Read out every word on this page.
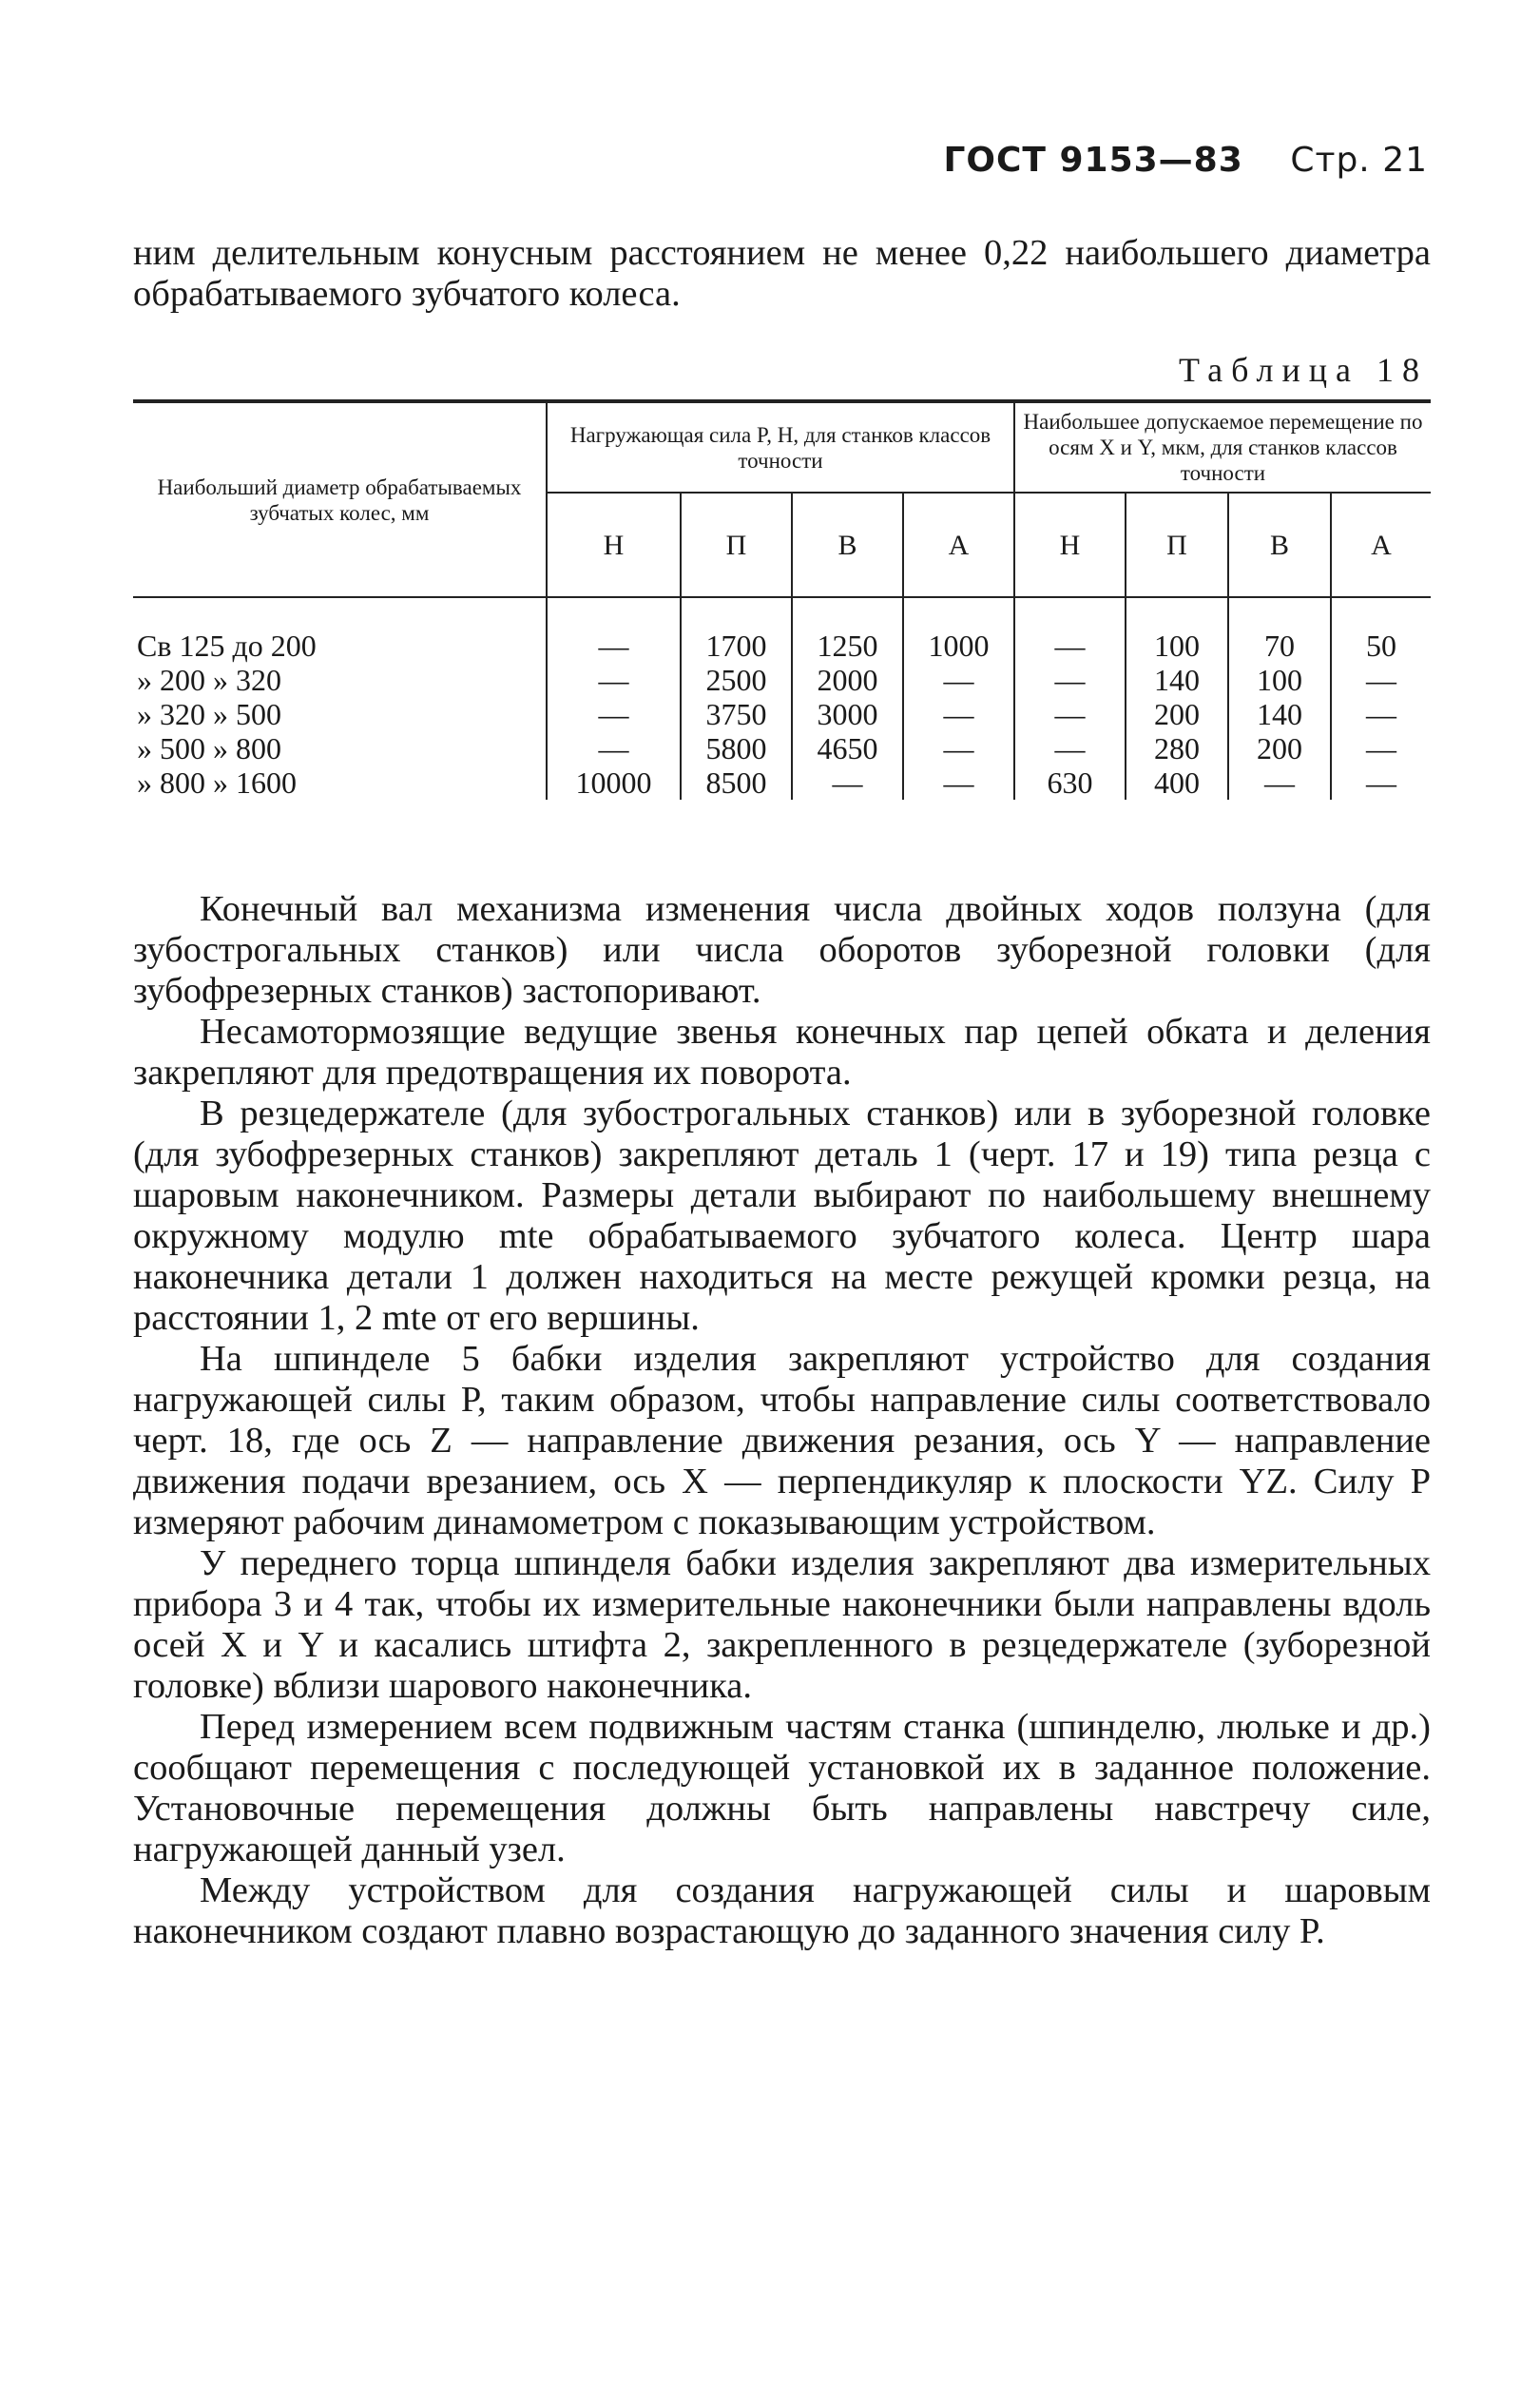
ГОСТ 9153—83 Стр. 21

ним делительным конусным расстоянием не менее 0,22 наибольшего диаметра обрабатываемого зубчатого колеса.

Таблица 18
Наибольший диаметр обрабатываемых зубчатых колес, мм	Нагружающая сила P, Н, для станков классов точности				Наибольшее допускаемое перемещение по осям X и Y, мкм, для станков классов точности			
	Н	П	В	А	Н	П	В	А
Св 125 до 200	—	1700	1250	1000	—	100	70	50
» 200 » 320	—	2500	2000	—	—	140	100	—
» 320 » 500	—	3750	3000	—	—	200	140	—
» 500 » 800	—	5800	4650	—	—	280	200	—
» 800 » 1600	10000	8500	—	—	630	400	—	—

Конечный вал механизма изменения числа двойных ходов ползуна (для зубострогальных станков) или числа оборотов зуборезной головки (для зубофрезерных станков) застопоривают.

Несамотормозящие ведущие звенья конечных пар цепей обката и деления закрепляют для предотвращения их поворота.

В резцедержателе (для зубострогальных станков) или в зуборезной головке (для зубофрезерных станков) закрепляют деталь 1 (черт. 17 и 19) типа резца с шаровым наконечником. Размеры детали выбирают по наибольшему внешнему окружному модулю mte обрабатываемого зубчатого колеса. Центр шара наконечника детали 1 должен находиться на месте режущей кромки резца, на расстоянии 1, 2 mte от его вершины.

На шпинделе 5 бабки изделия закрепляют устройство для создания нагружающей силы P, таким образом, чтобы направление силы соответствовало черт. 18, где ось Z — направление движения резания, ось Y — направление движения подачи врезанием, ось X — перпендикуляр к плоскости YZ. Силу P измеряют рабочим динамометром с показывающим устройством.

У переднего торца шпинделя бабки изделия закрепляют два измерительных прибора 3 и 4 так, чтобы их измерительные наконечники были направлены вдоль осей X и Y и касались штифта 2, закрепленного в резцедержателе (зуборезной головке) вблизи шарового наконечника.

Перед измерением всем подвижным частям станка (шпинделю, люльке и др.) сообщают перемещения с последующей установкой их в заданное положение. Установочные перемещения должны быть направлены навстречу силе, нагружающей данный узел.

Между устройством для создания нагружающей силы и шаровым наконечником создают плавно возрастающую до заданного значения силу P.
